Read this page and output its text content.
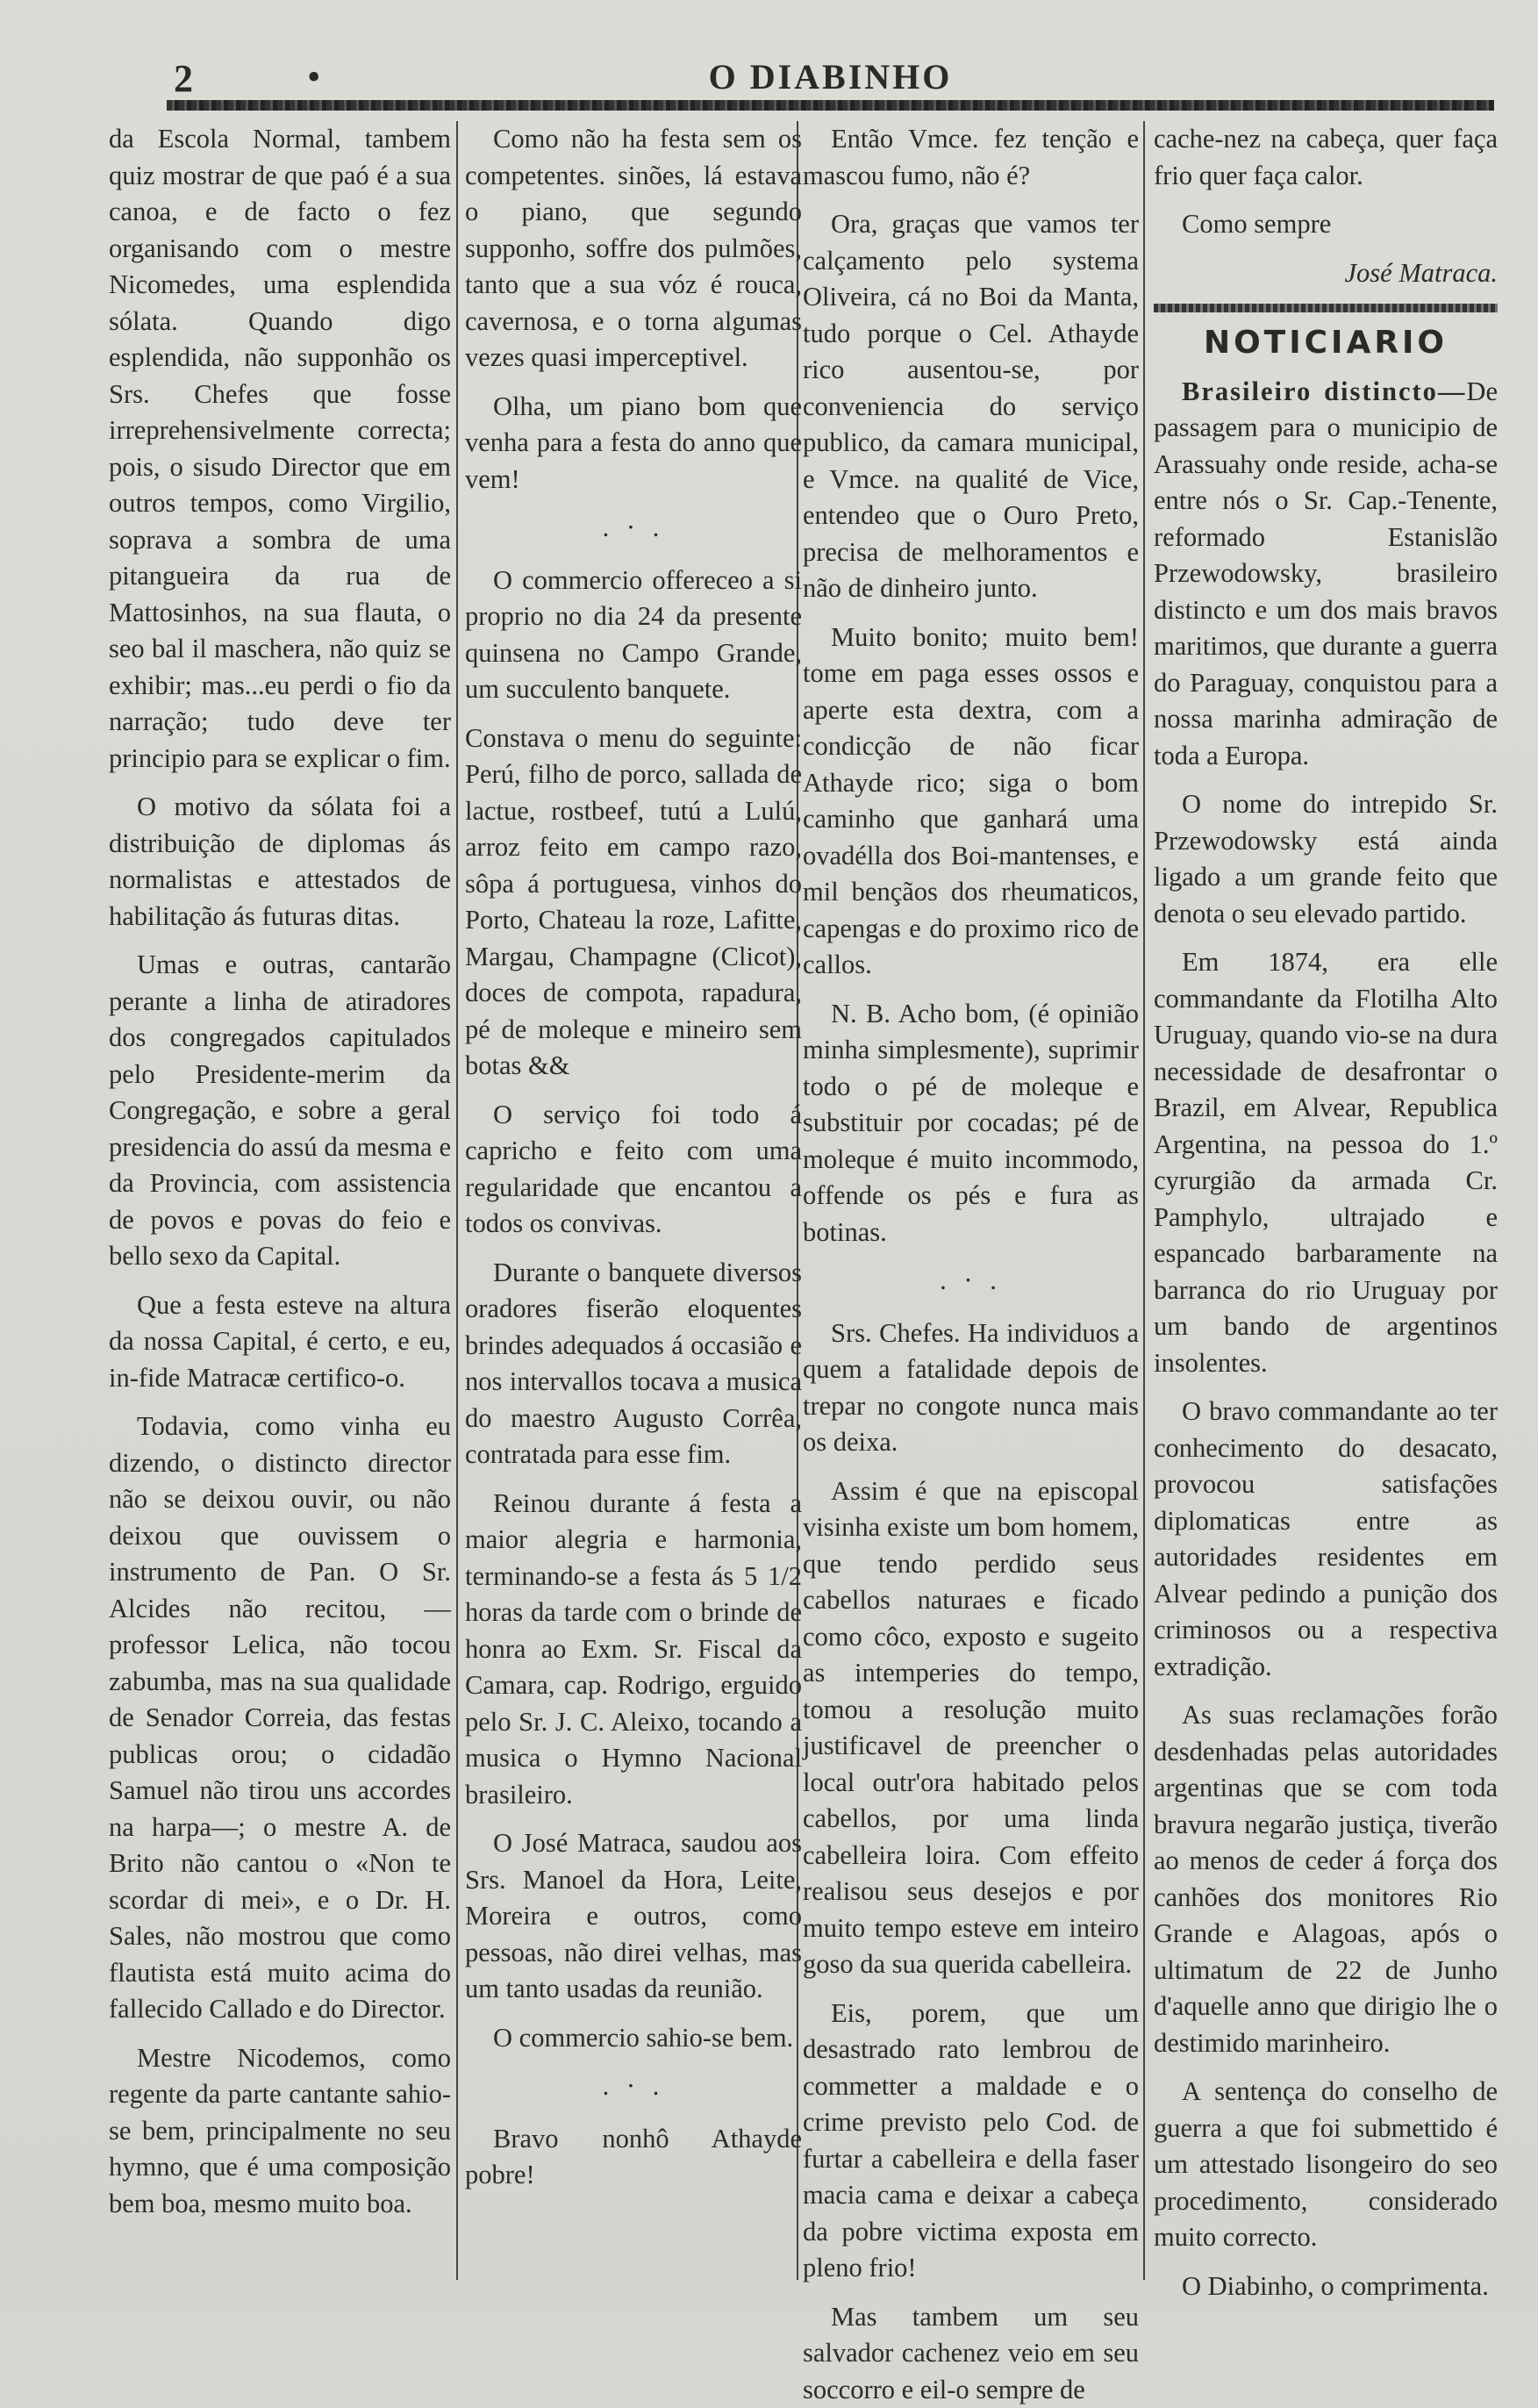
2	•	O DIABINHO

da Escola Normal, tambem quiz mostrar de que paó é a sua canoa, e de facto o fez organisando com o mestre Nicomedes, uma esplendida sólata. Quando digo esplendida, não supponhão os Srs. Chefes que fosse irreprehensivelmente correcta; pois, o sisudo Director que em outros tempos, como Virgilio, soprava a sombra de uma pitangueira da rua de Mattosinhos, na sua flauta, o seo bal il maschera, não quiz se exhibir; mas...eu perdi o fio da narração; tudo deve ter principio para se explicar o fim.

O motivo da sólata foi a distribuição de diplomas ás normalistas e attestados de habilitação ás futuras ditas.

Umas e outras, cantarão perante a linha de atiradores dos congregados capitulados pelo Presidente-merim da Congregação, e sobre a geral presidencia do assú da mesma e da Provincia, com assistencia de povos e povas do feio e bello sexo da Capital.

Que a festa esteve na altura da nossa Capital, é certo, e eu, in-fide Matracæ certifico-o.

Todavia, como vinha eu dizendo, o distincto director não se deixou ouvir, ou não deixou que ouvissem o instrumento de Pan. O Sr. Alcides não recitou, — professor Lelica, não tocou zabumba, mas na sua qualidade de Senador Correia, das festas publicas orou; o cidadão Samuel não tirou uns accordes na harpa—; o mestre A. de Brito não cantou o «Non te scordar di mei», e o Dr. H. Sales, não mostrou que como flautista está muito acima do fallecido Callado e do Director.

Mestre Nicodemos, como regente da parte cantante sahio-se bem, principalmente no seu hymno, que é uma composição bem boa, mesmo muito boa.

Como não ha festa sem os competentes. sinões, lá estava o piano, que segundo supponho, soffre dos pulmões, tanto que a sua vóz é rouca, cavernosa, e o torna algumas vezes quasi imperceptivel.

Olha, um piano bom que venha para a festa do anno que vem!

. · .

O commercio offereceo a si proprio no dia 24 da presente quinsena no Campo Grande, um succulento banquete.

Constava o menu do seguinte: Perú, filho de porco, sallada de lactue, rostbeef, tutú a Lulú, arroz feito em campo razo, sôpa á portuguesa, vinhos do Porto, Chateau la roze, Lafitte, Margau, Champagne (Clicot), doces de compota, rapadura, pé de moleque e mineiro sem botas &&

O serviço foi todo á capricho e feito com uma regularidade que encantou a todos os convivas.

Durante o banquete diversos oradores fiserão eloquentes brindes adequados á occasião e nos intervallos tocava a musica do maestro Augusto Corrêa, contratada para esse fim.

Reinou durante á festa a maior alegria e harmonia, terminando-se a festa ás 5 1/2 horas da tarde com o brinde de honra ao Exm. Sr. Fiscal da Camara, cap. Rodrigo, erguido pelo Sr. J. C. Aleixo, tocando a musica o Hymno Nacional brasileiro.

O José Matraca, saudou aos Srs. Manoel da Hora, Leite, Moreira e outros, como pessoas, não direi velhas, mas um tanto usadas da reunião.

O commercio sahio-se bem.

. · .

Bravo nonhô Athayde pobre!

Então Vmce. fez tenção e mascou fumo, não é?

Ora, graças que vamos ter calçamento pelo systema Oliveira, cá no Boi da Manta, tudo porque o Cel. Athayde rico ausentou-se, por conveniencia do serviço publico, da camara municipal, e Vmce. na qualité de Vice, entendeo que o Ouro Preto, precisa de melhoramentos e não de dinheiro junto.

Muito bonito; muito bem! tome em paga esses ossos e aperte esta dextra, com a condicção de não ficar Athayde rico; siga o bom caminho que ganhará uma ovadélla dos Boi-mantenses, e mil bençãos dos rheumaticos, capengas e do proximo rico de callos.

N. B. Acho bom, (é opinião minha simplesmente), suprimir todo o pé de moleque e substituir por cocadas; pé de moleque é muito incommodo, offende os pés e fura as botinas.

. · .

Srs. Chefes. Ha individuos a quem a fatalidade depois de trepar no congote nunca mais os deixa.

Assim é que na episcopal visinha existe um bom homem, que tendo perdido seus cabellos naturaes e ficado como côco, exposto e sugeito as intemperies do tempo, tomou a resolução muito justificavel de preencher o local outr'ora habitado pelos cabellos, por uma linda cabelleira loira. Com effeito realisou seus desejos e por muito tempo esteve em inteiro goso da sua querida cabelleira.

Eis, porem, que um desastrado rato lembrou de commetter a maldade e o crime previsto pelo Cod. de furtar a cabelleira e della faser macia cama e deixar a cabeça da pobre victima exposta em pleno frio!

Mas tambem um seu salvador cachenez veio em seu soccorro e eil-o sempre de

cache-nez na cabeça, quer faça frio quer faça calor.

Como sempre

José Matraca.

NOTICIARIO

Brasileiro distincto—De passagem para o municipio de Arassuahy onde reside, acha-se entre nós o Sr. Cap.-Tenente, reformado Estanislão Przewodowsky, brasileiro distincto e um dos mais bravos maritimos, que durante a guerra do Paraguay, conquistou para a nossa marinha admiração de toda a Europa.

O nome do intrepido Sr. Przewodowsky está ainda ligado a um grande feito que denota o seu elevado partido.

Em 1874, era elle commandante da Flotilha Alto Uruguay, quando vio-se na dura necessidade de desafrontar o Brazil, em Alvear, Republica Argentina, na pessoa do 1.º cyrurgião da armada Cr. Pamphylo, ultrajado e espancado barbaramente na barranca do rio Uruguay por um bando de argentinos insolentes.

O bravo commandante ao ter conhecimento do desacato, provocou satisfações diplomaticas entre as autoridades residentes em Alvear pedindo a punição dos criminosos ou a respectiva extradição.

As suas reclamações forão desdenhadas pelas autoridades argentinas que se com toda bravura negarão justiça, tiverão ao menos de ceder á força dos canhões dos monitores Rio Grande e Alagoas, após o ultimatum de 22 de Junho d'aquelle anno que dirigio lhe o destimido marinheiro.

A sentença do conselho de guerra a que foi submettido é um attestado lisongeiro do seo procedimento, considerado muito correcto.

O Diabinho, o comprimenta.
